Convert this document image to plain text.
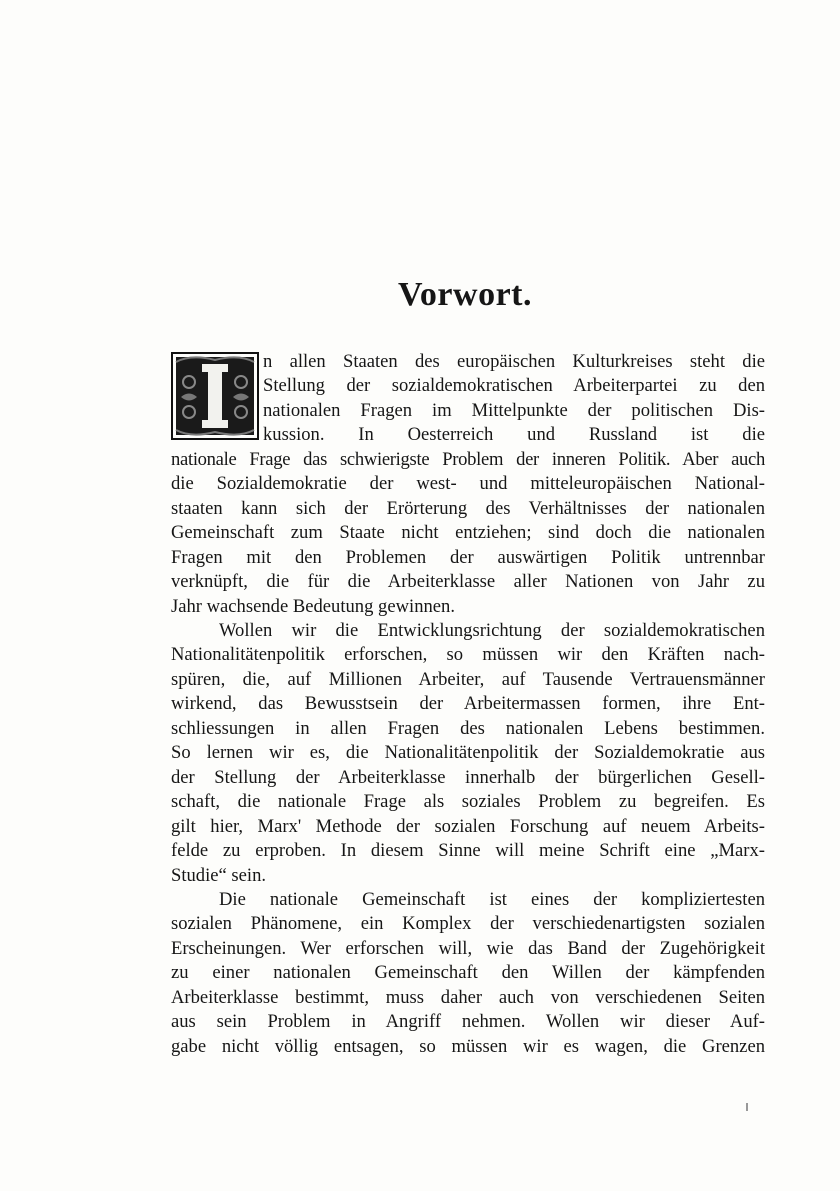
Vorwort.
I
n allen Staaten des europäischen Kulturkreises steht die
Stellung der sozialdemokratischen Arbeiterpartei zu den
nationalen Fragen im Mittelpunkte der politischen Dis-
kussion. In Oesterreich und Russland ist die
nationale Frage das schwierigste Problem der inneren Politik. Aber auch
die Sozialdemokratie der west- und mitteleuropäischen National-
staaten kann sich der Erörterung des Verhältnisses der nationalen
Gemeinschaft zum Staate nicht entziehen; sind doch die nationalen
Fragen mit den Problemen der auswärtigen Politik untrennbar
verknüpft, die für die Arbeiterklasse aller Nationen von Jahr zu
Jahr wachsende Bedeutung gewinnen.
Wollen wir die Entwicklungsrichtung der sozialdemokratischen
Nationalitätenpolitik erforschen, so müssen wir den Kräften nach-
spüren, die, auf Millionen Arbeiter, auf Tausende Vertrauensmänner
wirkend, das Bewusstsein der Arbeitermassen formen, ihre Ent-
schliessungen in allen Fragen des nationalen Lebens bestimmen.
So lernen wir es, die Nationalitätenpolitik der Sozialdemokratie aus
der Stellung der Arbeiterklasse innerhalb der bürgerlichen Gesell-
schaft, die nationale Frage als soziales Problem zu begreifen. Es
gilt hier, Marx' Methode der sozialen Forschung auf neuem Arbeits-
felde zu erproben. In diesem Sinne will meine Schrift eine „Marx-
Studie“ sein.
Die nationale Gemeinschaft ist eines der kompliziertesten
sozialen Phänomene, ein Komplex der verschiedenartigsten sozialen
Erscheinungen. Wer erforschen will, wie das Band der Zugehörigkeit
zu einer nationalen Gemeinschaft den Willen der kämpfenden
Arbeiterklasse bestimmt, muss daher auch von verschiedenen Seiten
aus sein Problem in Angriff nehmen. Wollen wir dieser Auf-
gabe nicht völlig entsagen, so müssen wir es wagen, die Grenzen
